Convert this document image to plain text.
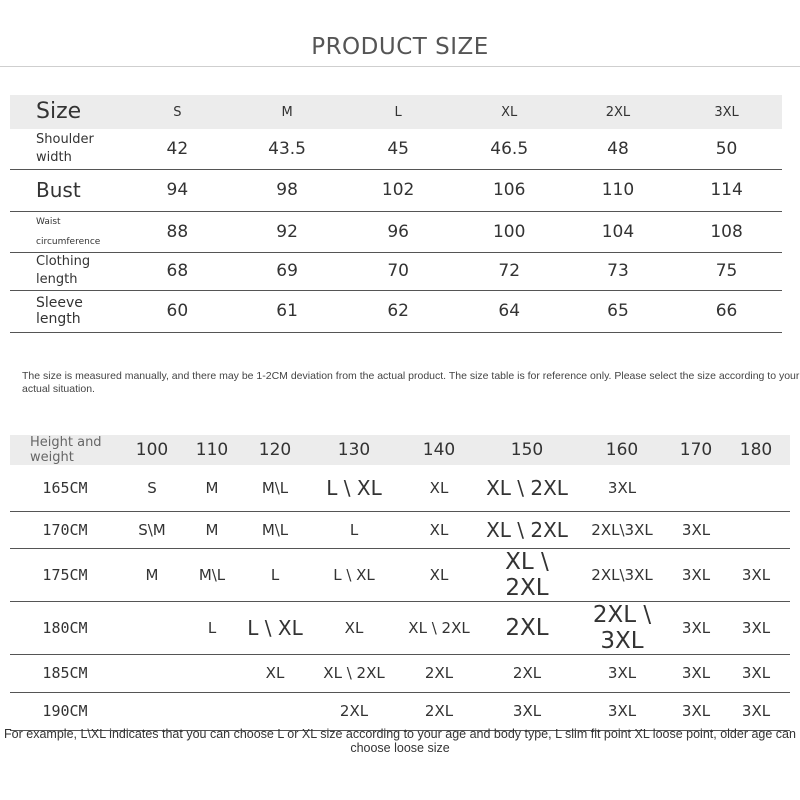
PRODUCT SIZE
Size	S	M	L	XL	2XL	3XL
Shoulder width	42	43.5	45	46.5	48	50
Bust	94	98	102	106	110	114
Waist circumference	88	92	96	100	104	108
Clothing length	68	69	70	72	73	75
Sleeve length	60	61	62	64	65	66
The size is measured manually, and there may be 1-2CM deviation from the actual product. The size table is for reference only. Please select the size according to your actual situation.
Height and weight	100	110	120	130	140	150	160	170	180
165CM	S	M	M\L	L \ XL	XL	XL \ 2XL	3XL		
170CM	S\M	M	M\L	L	XL	XL \ 2XL	2XL\3XL	3XL	
175CM	M	M\L	L	L \ XL	XL	XL \ 2XL	2XL\3XL	3XL	3XL
180CM		L	L \ XL	XL	XL \ 2XL	2XL	2XL \ 3XL	3XL	3XL
185CM			XL	XL \ 2XL	2XL	2XL	3XL	3XL	3XL
190CM				2XL	2XL	3XL	3XL	3XL	3XL
For example, L\XL indicates that you can choose L or XL size according to your age and body type, L slim fit point XL loose point, older age can choose loose size
